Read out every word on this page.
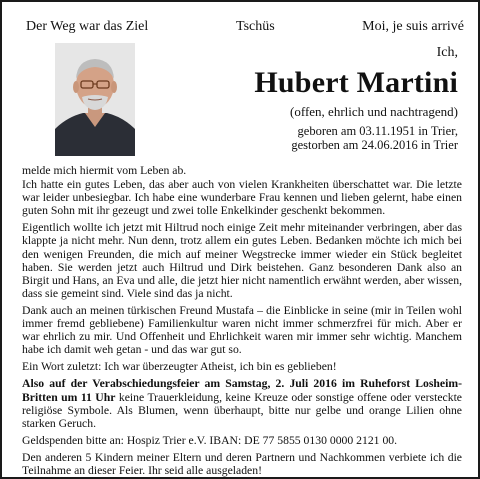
Der Weg war das Ziel	Tschüs	Moi, je suis arrivé
Ich,
Hubert Martini
(offen, ehrlich und nachtragend)
geboren am 03.11.1951 in Trier,
gestorben am 24.06.2016 in Trier

melde mich hiermit vom Leben ab.

Ich hatte ein gutes Leben, das aber auch von vielen Krankheiten überschattet war. Die letzte war leider unbesiegbar. Ich habe eine wunderbare Frau kennen und lieben gelernt, habe einen guten Sohn mit ihr gezeugt und zwei tolle Enkelkinder geschenkt bekommen.

Eigentlich wollte ich jetzt mit Hiltrud noch einige Zeit mehr miteinander verbringen, aber das klappte ja nicht mehr. Nun denn, trotz allem ein gutes Leben. Bedanken möchte ich mich bei den wenigen Freunden, die mich auf meiner Wegstrecke immer wieder ein Stück begleitet haben. Sie werden jetzt auch Hiltrud und Dirk beistehen. Ganz besonderen Dank also an Birgit und Hans, an Eva und alle, die jetzt hier nicht namentlich erwähnt werden, aber wissen, dass sie gemeint sind. Viele sind das ja nicht.

Dank auch an meinen türkischen Freund Mustafa – die Einblicke in seine (mir in Teilen wohl immer fremd gebliebene) Familienkultur waren nicht immer schmerzfrei für mich. Aber er war ehrlich zu mir. Und Offenheit und Ehrlichkeit waren mir immer sehr wichtig. Manchem habe ich damit weh getan - und das war gut so.

Ein Wort zuletzt: Ich war überzeugter Atheist, ich bin es geblieben!

Also auf der Verabschiedungsfeier am Samstag, 2. Juli 2016 im Ruheforst Losheim-Britten um 11 Uhr keine Trauerkleidung, keine Kreuze oder sonstige offene oder versteckte religiöse Symbole. Als Blumen, wenn überhaupt, bitte nur gelbe und orange Lilien ohne starken Geruch.

Geldspenden bitte an: Hospiz Trier e.V. IBAN: DE 77 5855 0130 0000 2121 00.

Den anderen 5 Kindern meiner Eltern und deren Partnern und Nachkommen verbiete ich die Teilnahme an dieser Feier. Ihr seid alle ausgeladen!
